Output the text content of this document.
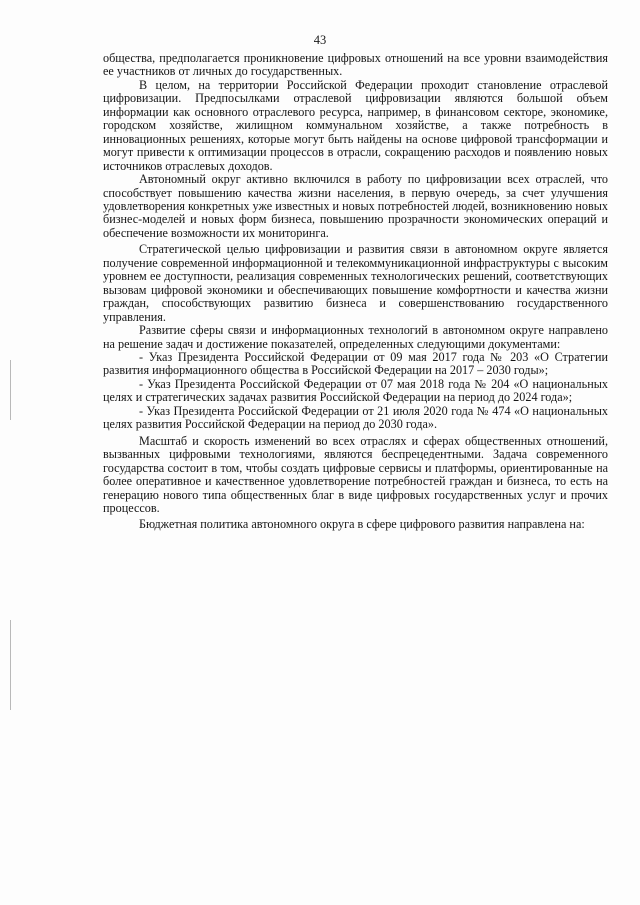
43

общества, предполагается проникновение цифровых отношений на все уровни взаимодействия ее участников от личных до государственных.

В целом, на территории Российской Федерации проходит становление отраслевой цифровизации. Предпосылками отраслевой цифровизации являются большой объем информации как основного отраслевого ресурса, например, в финансовом секторе, экономике, городском хозяйстве, жилищном коммунальном хозяйстве, а также потребность в инновационных решениях, которые могут быть найдены на основе цифровой трансформации и могут привести к оптимизации процессов в отрасли, сокращению расходов и появлению новых источников отраслевых доходов.

Автономный округ активно включился в работу по цифровизации всех отраслей, что способствует повышению качества жизни населения, в первую очередь, за счет улучшения удовлетворения конкретных уже известных и новых потребностей людей, возникновению новых бизнес-моделей и новых форм бизнеса, повышению прозрачности экономических операций и обеспечение возможности их мониторинга.

Стратегической целью цифровизации и развития связи в автономном округе является получение современной информационной и телекоммуникационной инфраструктуры с высоким уровнем ее доступности, реализация современных технологических решений, соответствующих вызовам цифровой экономики и обеспечивающих повышение комфортности и качества жизни граждан, способствующих развитию бизнеса и совершенствованию государственного управления.

Развитие сферы связи и информационных технологий в автономном округе направлено на решение задач и достижение показателей, определенных следующими документами:

- Указ Президента Российской Федерации от 09 мая 2017 года № 203 «О Стратегии развития информационного общества в Российской Федерации на 2017 – 2030 годы»;

- Указ Президента Российской Федерации от 07 мая 2018 года № 204 «О национальных целях и стратегических задачах развития Российской Федерации на период до 2024 года»;

- Указ Президента Российской Федерации от 21 июля 2020 года № 474 «О национальных целях развития Российской Федерации на период до 2030 года».

Масштаб и скорость изменений во всех отраслях и сферах общественных отношений, вызванных цифровыми технологиями, являются беспрецедентными. Задача современного государства состоит в том, чтобы создать цифровые сервисы и платформы, ориентированные на более оперативное и качественное удовлетворение потребностей граждан и бизнеса, то есть на генерацию нового типа общественных благ в виде цифровых государственных услуг и прочих процессов.

Бюджетная политика автономного округа в сфере цифрового развития направлена на:
